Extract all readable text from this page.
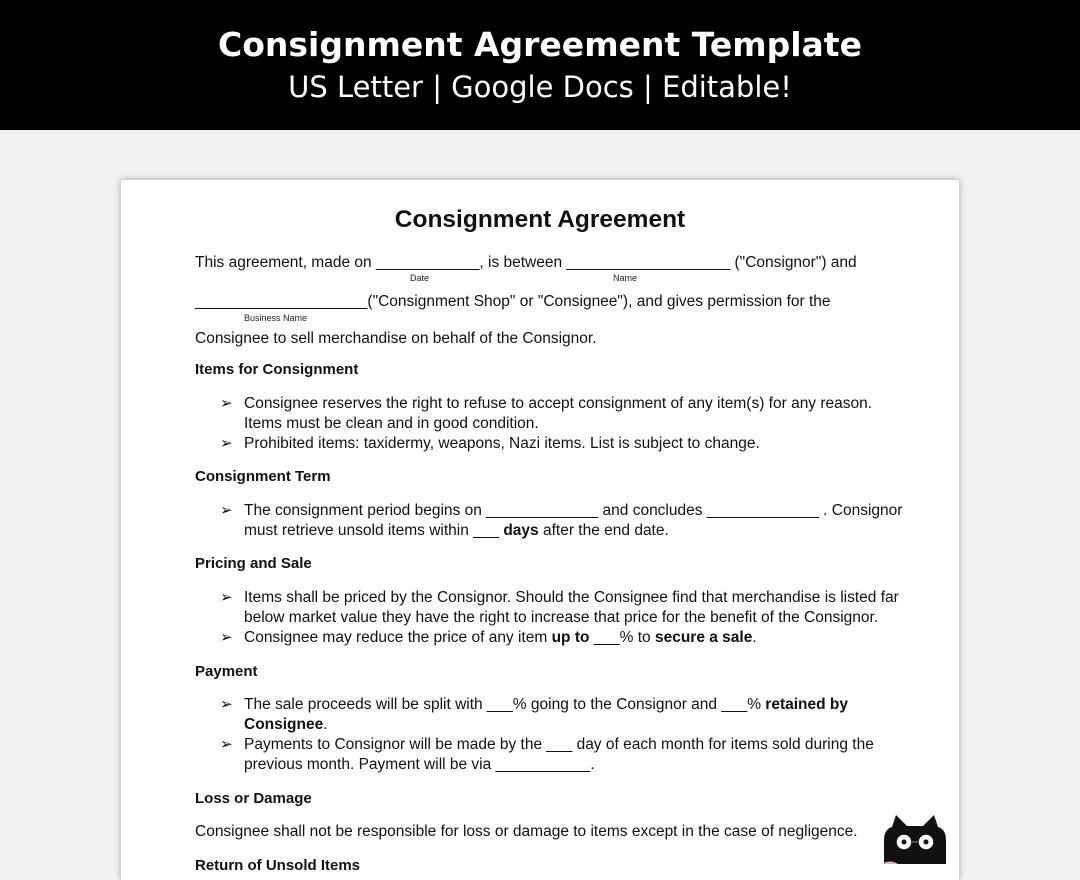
Consignment Agreement Template
US Letter | Google Docs | Editable!
Consignment Agreement
This agreement, made on ____________, is between ___________________ ("Consignor") and
Date	Name
____________________("Consignment Shop" or "Consignee"), and gives permission for the
Business Name
Consignee to sell merchandise on behalf of the Consignor.
Items for Consignment
➢ Consignee reserves the right to refuse to accept consignment of any item(s) for any reason.
Items must be clean and in good condition.
➢ Prohibited items: taxidermy, weapons, Nazi items. List is subject to change.
Consignment Term
➢ The consignment period begins on _____________ and concludes _____________ . Consignor
must retrieve unsold items within ___ days after the end date.
Pricing and Sale
➢ Items shall be priced by the Consignor. Should the Consignee find that merchandise is listed far
below market value they have the right to increase that price for the benefit of the Consignor.
➢ Consignee may reduce the price of any item up to ___% to secure a sale.
Payment
➢ The sale proceeds will be split with ___% going to the Consignor and ___% retained by
Consignee.
➢ Payments to Consignor will be made by the ___ day of each month for items sold during the
previous month. Payment will be via ___________.
Loss or Damage
Consignee shall not be responsible for loss or damage to items except in the case of negligence.
Return of Unsold Items
